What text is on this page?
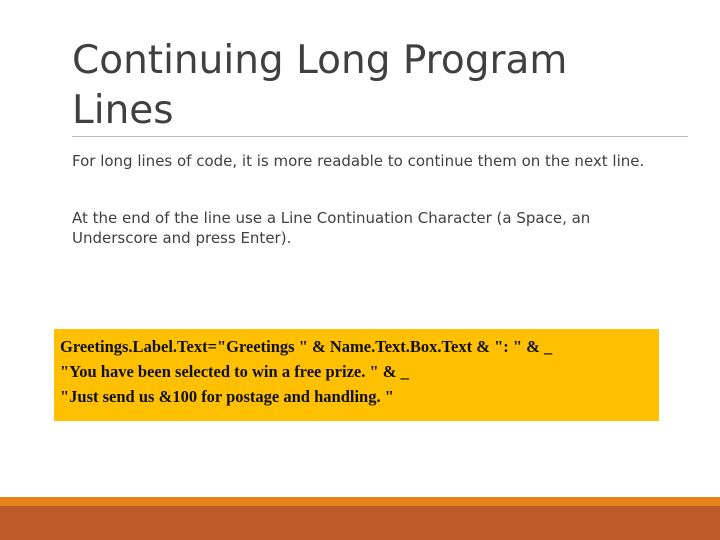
Continuing Long Program Lines

For long lines of code, it is more readable to continue them on the next line.

At the end of the line use a Line Continuation Character (a Space, an Underscore and press Enter).

Greetings.Label.Text="Greetings " & Name.Text.Box.Text & ": " & _
"You have been selected to win a free prize. " & _
"Just send us &100 for postage and handling. "
